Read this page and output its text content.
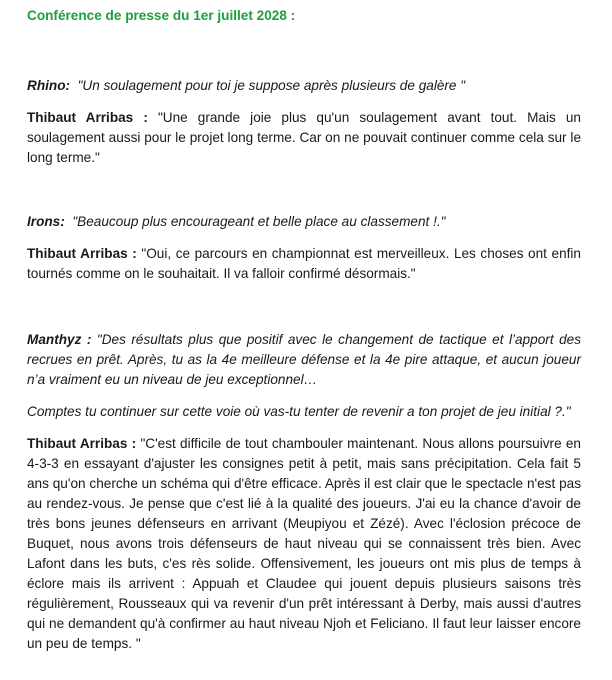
Conférence de presse du 1er juillet 2028 :

Rhino: "Un soulagement pour toi je suppose après plusieurs de galère "

Thibaut Arribas : "Une grande joie plus qu'un soulagement avant tout. Mais un soulagement aussi pour le projet long terme. Car on ne pouvait continuer comme cela sur le long terme."

Irons: "Beaucoup plus encourageant et belle place au classement !."

Thibaut Arribas : "Oui, ce parcours en championnat est merveilleux. Les choses ont enfin tournés comme on le souhaitait. Il va falloir confirmé désormais."

Manthyz : "Des résultats plus que positif avec le changement de tactique et l’apport des recrues en prêt. Après, tu as la 4e meilleure défense et la 4e pire attaque, et aucun joueur n’a vraiment eu un niveau de jeu exceptionnel…

Comptes tu continuer sur cette voie où vas-tu tenter de revenir a ton projet de jeu initial ?."

Thibaut Arribas : "C'est difficile de tout chambouler maintenant. Nous allons poursuivre en 4-3-3 en essayant d'ajuster les consignes petit à petit, mais sans précipitation. Cela fait 5 ans qu'on cherche un schéma qui d'être efficace. Après il est clair que le spectacle n'est pas au rendez-vous. Je pense que c'est lié à la qualité des joueurs. J'ai eu la chance d'avoir de très bons jeunes défenseurs en arrivant (Meupiyou et Zézé). Avec l'éclosion précoce de Buquet, nous avons trois défenseurs de haut niveau qui se connaissent très bien. Avec Lafont dans les buts, c'es rès solide. Offensivement, les joueurs ont mis plus de temps à éclore mais ils arrivent : Appuah et Claudee qui jouent depuis plusieurs saisons très régulièrement, Rousseaux qui va revenir d'un prêt intéressant à Derby, mais aussi d'autres qui ne demandent qu'à confirmer au haut niveau Njoh et Feliciano. Il faut leur laisser encore un peu de temps. "
